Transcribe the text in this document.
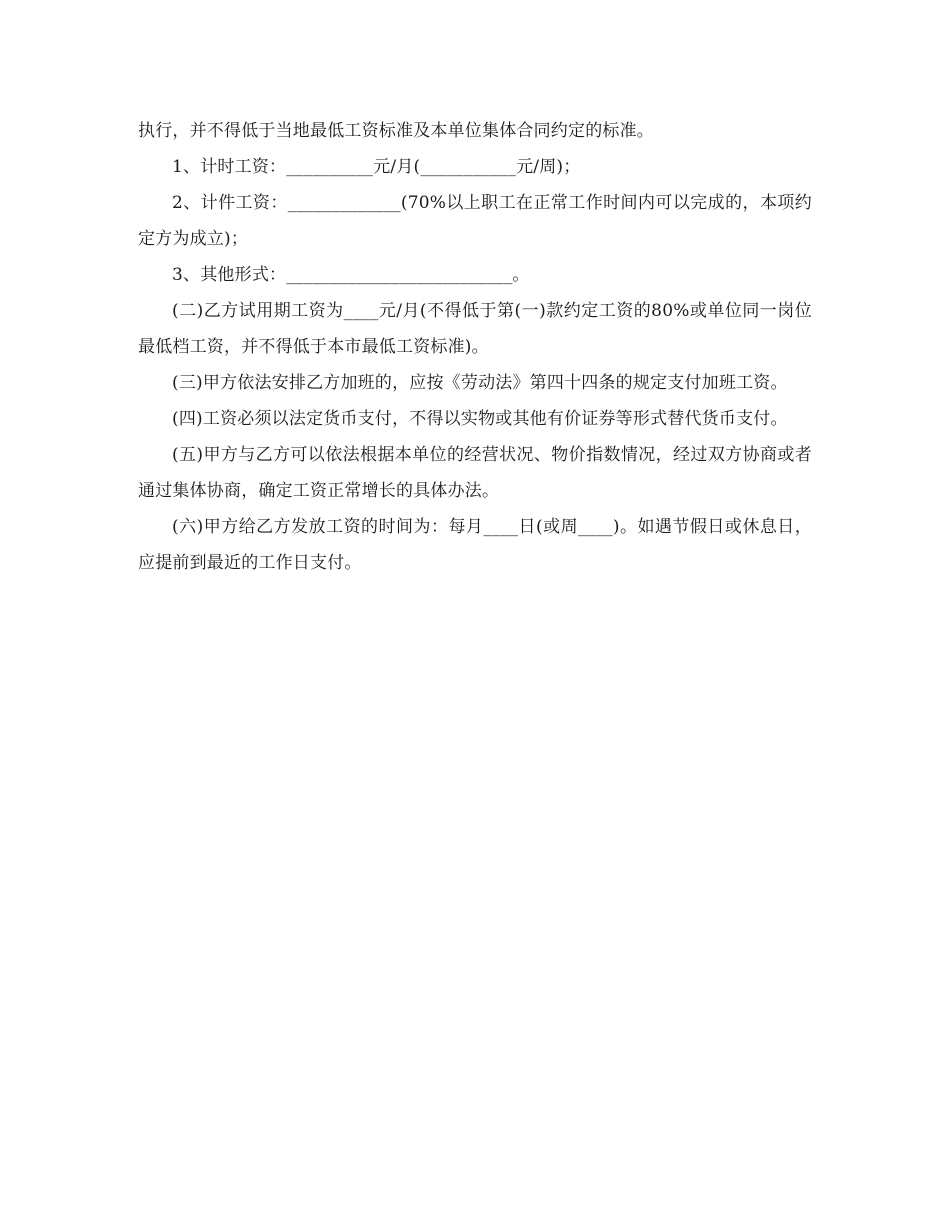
执行，并不得低于当地最低工资标准及本单位集体合同约定的标准。

1、计时工资：__________元/月(___________元/周)；

2、计件工资：_____________(70%以上职工在正常工作时间内可以完成的，本项约定方为成立)；

3、其他形式：__________________________。

(二)乙方试用期工资为____元/月(不得低于第(一)款约定工资的80%或单位同一岗位最低档工资，并不得低于本市最低工资标准)。

(三)甲方依法安排乙方加班的，应按《劳动法》第四十四条的规定支付加班工资。

(四)工资必须以法定货币支付，不得以实物或其他有价证券等形式替代货币支付。

(五)甲方与乙方可以依法根据本单位的经营状况、物价指数情况，经过双方协商或者通过集体协商，确定工资正常增长的具体办法。

(六)甲方给乙方发放工资的时间为：每月____日(或周____)。如遇节假日或休息日，应提前到最近的工作日支付。
